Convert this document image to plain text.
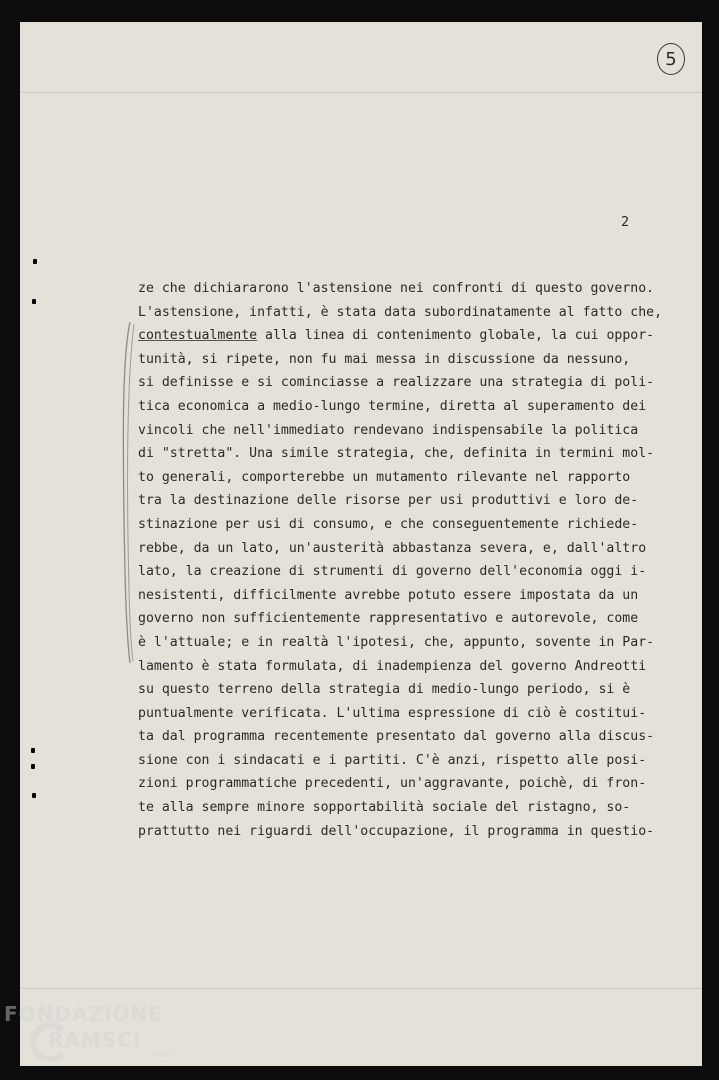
5
2
ze che dichiararono l'astensione nei confronti di questo governo.
L'astensione, infatti, è stata data subordinatamente al fatto che,
contestualmente alla linea di contenimento globale, la cui oppor-
tunità, si ripete, non fu mai messa in discussione da nessuno,
si definisse e si cominciasse a realizzare una strategia di poli-
tica economica a medio-lungo termine, diretta al superamento dei
vincoli che nell'immediato rendevano indispensabile la politica
di "stretta". Una simile strategia, che, definita in termini mol-
to generali, comporterebbe un mutamento rilevante nel rapporto
tra la destinazione delle risorse per usi produttivi e loro de-
stinazione per usi di consumo, e che conseguentemente richiede-
rebbe, da un lato, un'austerità abbastanza severa, e, dall'altro
lato, la creazione di strumenti di governo dell'economia oggi i-
nesistenti, difficilmente avrebbe potuto essere impostata da un
governo non sufficientemente rappresentativo e autorevole, come
è l'attuale; e in realtà l'ipotesi, che, appunto, sovente in Par-
lamento è stata formulata, di inadempienza del governo Andreotti
su questo terreno della strategia di medio-lungo periodo, si è
puntualmente verificata. L'ultima espressione di ciò è costitui-
ta dal programma recentemente presentato dal governo alla discus-
sione con i sindacati e i partiti. C'è anzi, rispetto alle posi-
zioni programmatiche precedenti, un'aggravante, poichè, di fron-
te alla sempre minore sopportabilità sociale del ristagno, so-
prattutto nei riguardi dell'occupazione, il programma in questio-
FONDAZIONE
RAMSCI
onlus
